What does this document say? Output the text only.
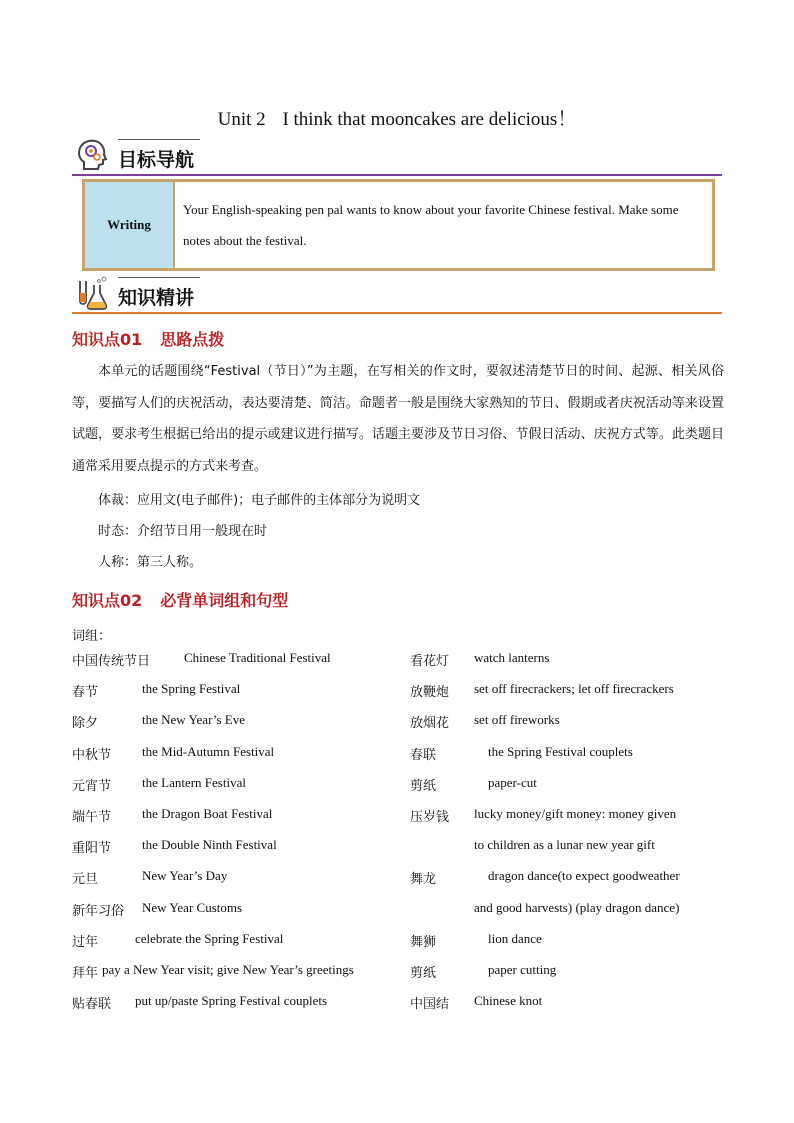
Unit 2 I think that mooncakes are delicious！
目标导航
Writing	Your English-speaking pen pal wants to know about your favorite Chinese festival. Make some notes about the festival.
知识精讲
知识点01 思路点拨

本单元的话题围绕“Festival（节日）”为主题，在写相关的作文时，要叙述清楚节日的时间、起源、相关风俗等，要描写人们的庆祝活动，表达要清楚、简洁。命题者一般是围绕大家熟知的节日、假期或者庆祝活动等来设置试题，要求考生根据已给出的提示或建议进行描写。话题主要涉及节日习俗、节假日活动、庆祝方式等。此类题目通常采用要点提示的方式来考查。

体裁：应用文(电子邮件)；电子邮件的主体部分为说明文
时态：介绍节日用一般现在时
人称：第三人称。
知识点02 必背单词组和句型
词组：
中国传统节日	Chinese Traditional Festival	看花灯 watch lanterns
春节	the Spring Festival	放鞭炮 set off firecrackers; let off firecrackers
除夕	the New Year’s Eve	放烟花 set off fireworks
中秋节 the Mid-Autumn Festival	春联	the Spring Festival couplets
元宵节 the Lantern Festival	剪纸	paper-cut
端午节 the Dragon Boat Festival	压岁钱 lucky money/gift money: money given
重阳节 the Double Ninth Festival	to children as a lunar new year gift
元旦	New Year’s Day	舞龙	dragon dance(to expect goodweather
新年习俗 New Year Customs	and good harvests) (play dragon dance)
过年	celebrate the Spring Festival	舞狮	lion dance
拜年 pay a New Year visit; give New Year’s greetings	剪纸	paper cutting
贴春联 put up/paste Spring Festival couplets	中国结 Chinese knot
